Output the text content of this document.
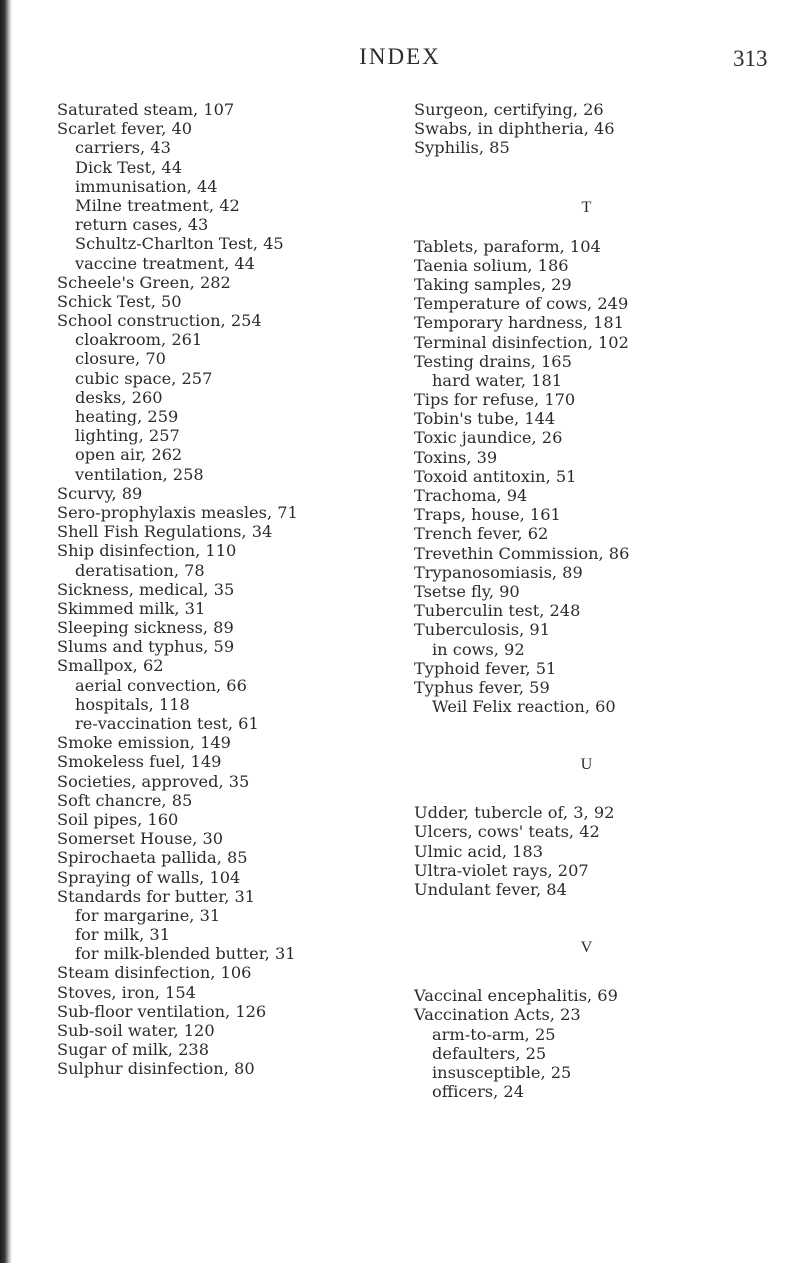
INDEX	313
Saturated steam, 107
Scarlet fever, 40
carriers, 43
Dick Test, 44
immunisation, 44
Milne treatment, 42
return cases, 43
Schultz-Charlton Test, 45
vaccine treatment, 44
Scheele's Green, 282
Schick Test, 50
School construction, 254
cloakroom, 261
closure, 70
cubic space, 257
desks, 260
heating, 259
lighting, 257
open air, 262
ventilation, 258
Scurvy, 89
Sero-prophylaxis measles, 71
Shell Fish Regulations, 34
Ship disinfection, 110
deratisation, 78
Sickness, medical, 35
Skimmed milk, 31
Sleeping sickness, 89
Slums and typhus, 59
Smallpox, 62
aerial convection, 66
hospitals, 118
re-vaccination test, 61
Smoke emission, 149
Smokeless fuel, 149
Societies, approved, 35
Soft chancre, 85
Soil pipes, 160
Somerset House, 30
Spirochaeta pallida, 85
Spraying of walls, 104
Standards for butter, 31
for margarine, 31
for milk, 31
for milk-blended butter, 31
Steam disinfection, 106
Stoves, iron, 154
Sub-floor ventilation, 126
Sub-soil water, 120
Sugar of milk, 238
Sulphur disinfection, 80
Surgeon, certifying, 26
Swabs, in diphtheria, 46
Syphilis, 85
T
Tablets, paraform, 104
Taenia solium, 186
Taking samples, 29
Temperature of cows, 249
Temporary hardness, 181
Terminal disinfection, 102
Testing drains, 165
hard water, 181
Tips for refuse, 170
Tobin's tube, 144
Toxic jaundice, 26
Toxins, 39
Toxoid antitoxin, 51
Trachoma, 94
Traps, house, 161
Trench fever, 62
Trevethin Commission, 86
Trypanosomiasis, 89
Tsetse fly, 90
Tuberculin test, 248
Tuberculosis, 91
in cows, 92
Typhoid fever, 51
Typhus fever, 59
Weil Felix reaction, 60
U
Udder, tubercle of, 3, 92
Ulcers, cows' teats, 42
Ulmic acid, 183
Ultra-violet rays, 207
Undulant fever, 84
V
Vaccinal encephalitis, 69
Vaccination Acts, 23
arm-to-arm, 25
defaulters, 25
insusceptible, 25
officers, 24
